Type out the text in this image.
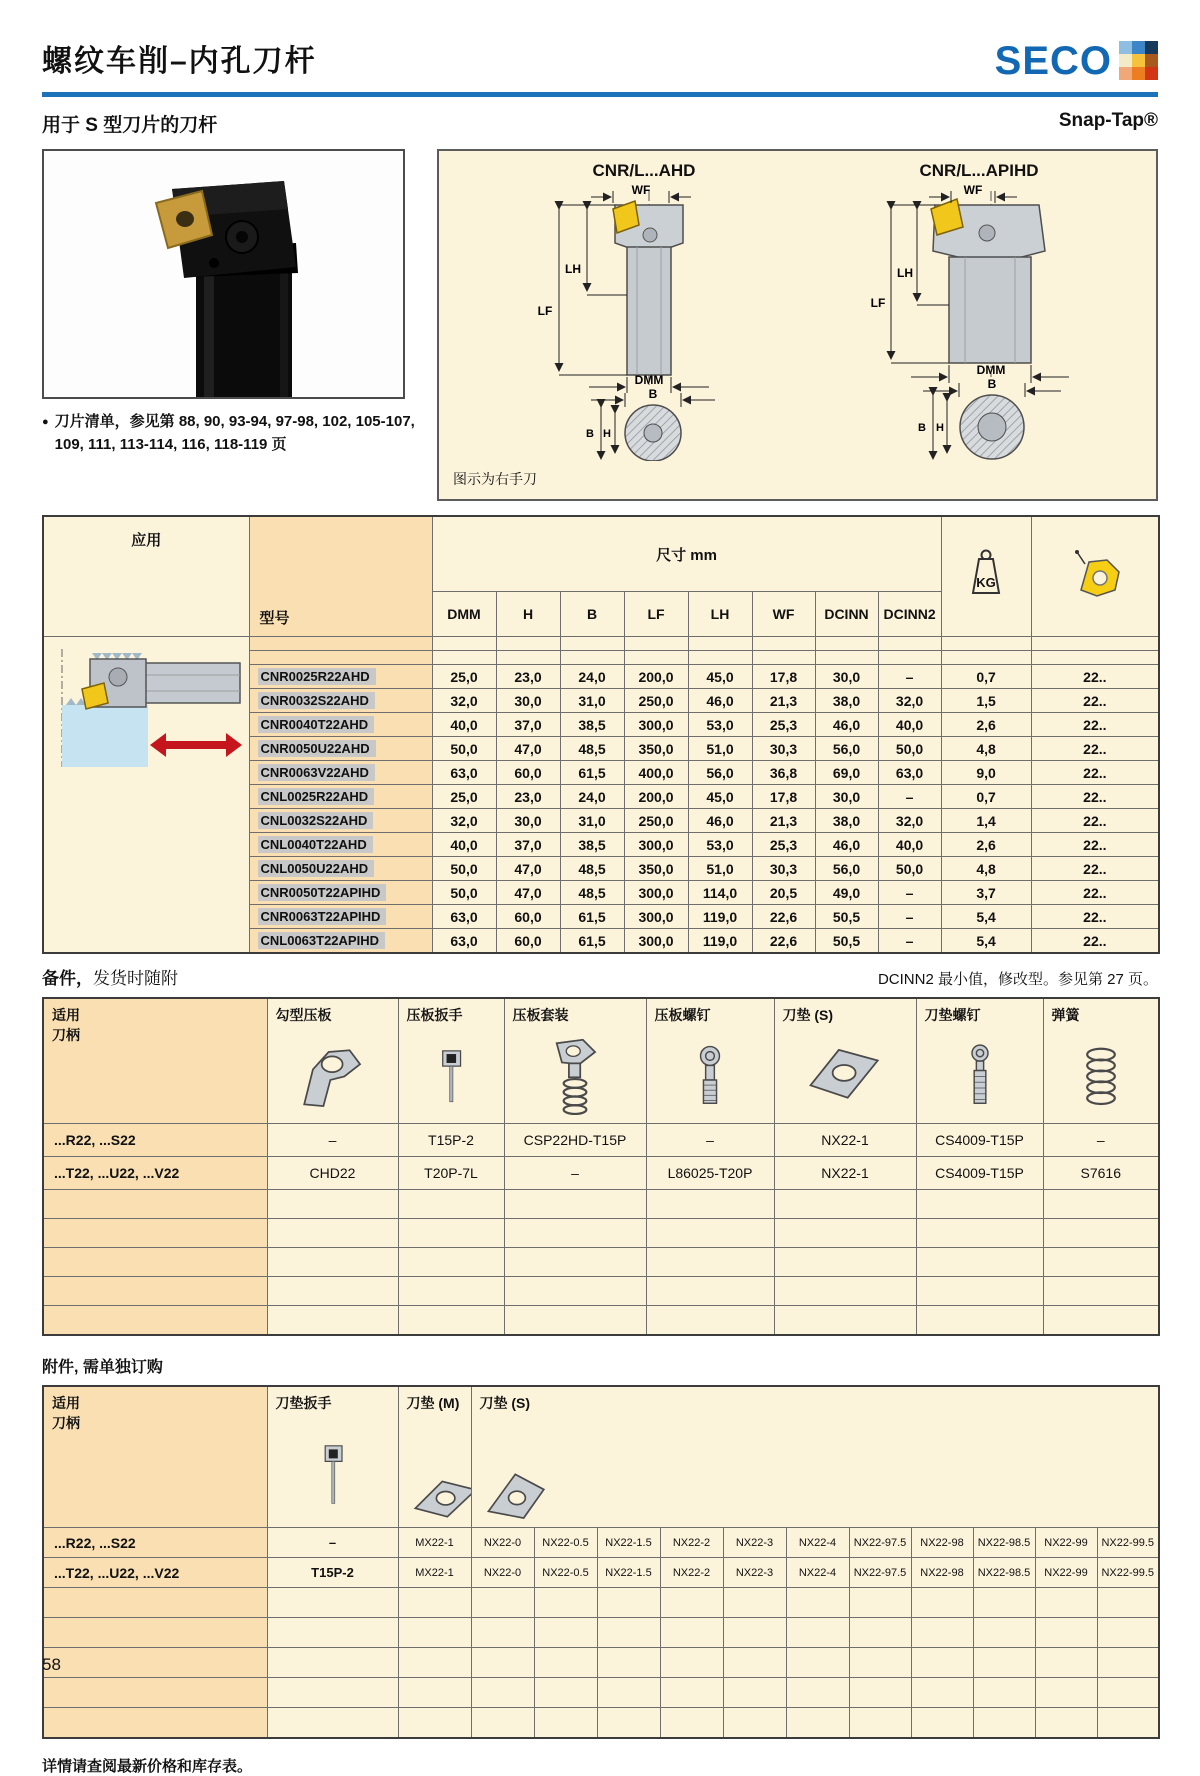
螺纹车削–内孔刀杆	SECO
用于 S 型刀片的刀杆	Snap-Tap®
● 刀片清单，参见第 88, 90, 93-94, 97-98, 102, 105-107, 109, 111, 113-114, 116, 118-119 页
CNR/L...AHD	CNR/L...APIHD
WF
LH
LF
DMM
B
B H
WF
LH
LF
DMM
B
B H
图示为右手刀
应用	型号	尺寸 mm								KG

		DMM	H	B	LF	LH	WF	DCINN	DCINN2		

	CNR0025R22AHD	25,0	23,0	24,0	200,0	45,0	17,8	30,0	–	0,7	22..
	CNR0032S22AHD	32,0	30,0	31,0	250,0	46,0	21,3	38,0	32,0	1,5	22..
	CNR0040T22AHD	40,0	37,0	38,5	300,0	53,0	25,3	46,0	40,0	2,6	22..
	CNR0050U22AHD	50,0	47,0	48,5	350,0	51,0	30,3	56,0	50,0	4,8	22..
	CNR0063V22AHD	63,0	60,0	61,5	400,0	56,0	36,8	69,0	63,0	9,0	22..
	CNL0025R22AHD	25,0	23,0	24,0	200,0	45,0	17,8	30,0	–	0,7	22..
	CNL0032S22AHD	32,0	30,0	31,0	250,0	46,0	21,3	38,0	32,0	1,4	22..
	CNL0040T22AHD	40,0	37,0	38,5	300,0	53,0	25,3	46,0	40,0	2,6	22..
	CNL0050U22AHD	50,0	47,0	48,5	350,0	51,0	30,3	56,0	50,0	4,8	22..
	CNR0050T22APIHD	50,0	47,0	48,5	300,0	114,0	20,5	49,0	–	3,7	22..
	CNR0063T22APIHD	63,0	60,0	61,5	300,0	119,0	22,6	50,5	–	5,4	22..
	CNL0063T22APIHD	63,0	60,0	61,5	300,0	119,0	22,6	50,5	–	5,4	22..
备件，发货时随附	DCINN2 最小值，修改型。参见第 27 页。
适用
刀柄	勾型压板	压板扳手	压板套装	压板螺钉	刀垫 (S)	刀垫螺钉	弹簧

...R22, ...S22	–	T15P-2	CSP22HD-T15P	–	NX22-1	CS4009-T15P	–
...T22, ...U22, ...V22	CHD22	T20P-7L	–	L86025-T20P	NX22-1	CS4009-T15P	S7616

附件, 需单独订购
适用
刀柄	刀垫扳手	刀垫 (M)	刀垫 (S)										

...R22, ...S22	–	MX22-1	NX22-0	NX22-0.5	NX22-1.5	NX22-2	NX22-3	NX22-4	NX22-97.5	NX22-98	NX22-98.5	NX22-99	NX22-99.5
...T22, ...U22, ...V22	T15P-2	MX22-1	NX22-0	NX22-0.5	NX22-1.5	NX22-2	NX22-3	NX22-4	NX22-97.5	NX22-98	NX22-98.5	NX22-99	NX22-99.5

详情请查阅最新价格和库存表。
58
